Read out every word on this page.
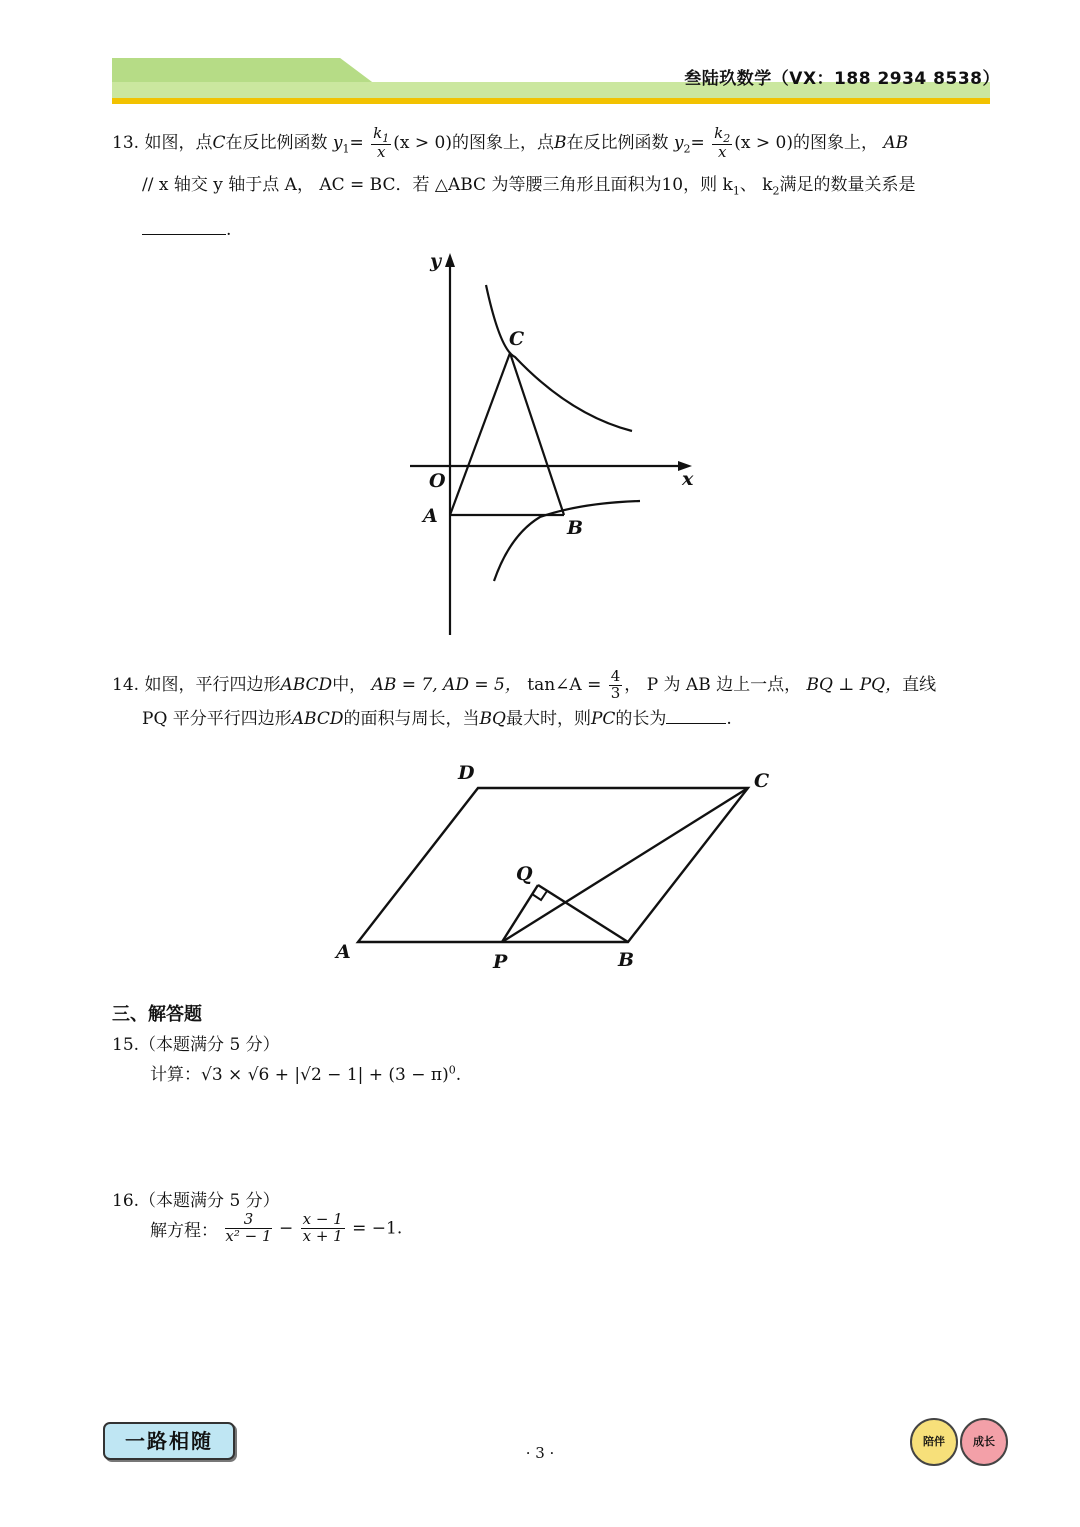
叁陆玖数学（VX：188 2934 8538）
13. 如图，点C在反比例函数 $y_1= \frac{k_1}{x} (x > 0)$的图象上，点B在反比例函数 $y_2= \frac{k_2}{x} (x > 0)$的图象上， AB
// x 轴交 y 轴于点 A， AC = BC．若 △ABC 为等腰三角形且面积为10，则 $k_1$、 $k_2$满足的数量关系是
.
y
x
O
A
B
C
14. 如图，平行四边形ABCD中， AB = 7, AD = 5， tan∠A = $\frac{4}{3}$ ， P 为 AB 边上一点， BQ ⊥ PQ，直线
PQ 平分平行四边形ABCD的面积与周长，当BQ最大时，则PC的长为	.
A	B
C
D
P
Q
三、解答题
15.（本题满分 5 分）
计算：$√3 \times √6 + |√2 - 1| + (3 - \pi)^0$.
16.（本题满分 5 分）
解方程： $\frac{3}{\text{x² − 1}} - \frac{x - 1}{x + 1} = -1$.
一路相随	· 3 ·
陪伴	成长
